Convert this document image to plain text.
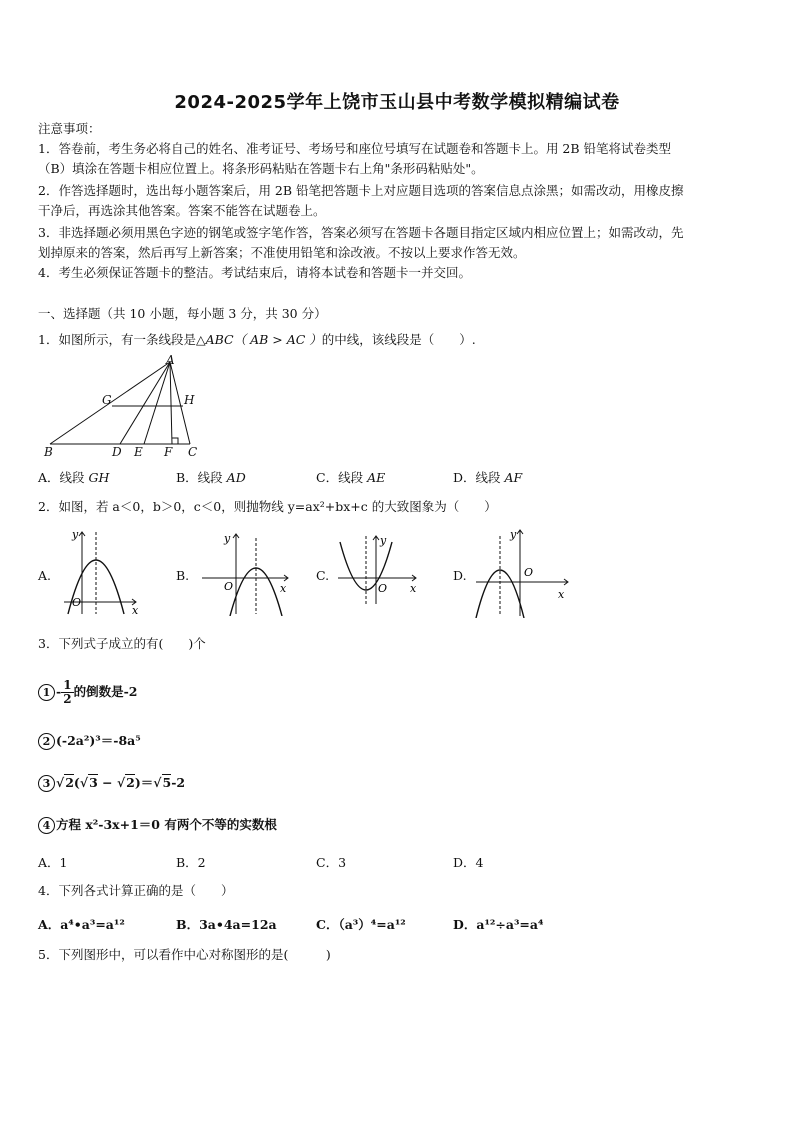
2024-2025学年上饶市玉山县中考数学模拟精编试卷
注意事项：
1．答卷前，考生务必将自己的姓名、准考证号、考场号和座位号填写在试题卷和答题卡上。用 2B 铅笔将试卷类型
（B）填涂在答题卡相应位置上。将条形码粘贴在答题卡右上角"条形码粘贴处"。
2．作答选择题时，选出每小题答案后，用 2B 铅笔把答题卡上对应题目选项的答案信息点涂黑；如需改动，用橡皮擦
干净后，再选涂其他答案。答案不能答在试题卷上。
3．非选择题必须用黑色字迹的钢笔或签字笔作答，答案必须写在答题卡各题目指定区域内相应位置上；如需改动，先
划掉原来的答案，然后再写上新答案；不准使用铅笔和涂改液。不按以上要求作答无效。
4．考生必须保证答题卡的整洁。考试结束后，请将本试卷和答题卡一并交回。
一、选择题（共 10 小题，每小题 3 分，共 30 分）
1．如图所示，有一条线段是△ABC（ AB > AC ）的中线，该线段是（　　）.
A
G	H
B	D E F C
A．线段 GH	B．线段 AD	C．线段 AE	D．线段 AF
2．如图，若 a＜0，b＞0，c＜0，则抛物线 y=ax²+bx+c 的大致图象为（　　）
A.
y
x
O
B.
y
x
O
C.
y
x
O
D.
y
x
O
3．下列式子成立的有(　　)个
$1 - \frac{1}{2}$ 的倒数是-2
2 (-2a²)³＝-8a⁵
3 √2(√3 − √2)＝√5-2
4 方程 x²-3x+1＝0 有两个不等的实数根
A．1	B．2	C．3	D．4
4．下列各式计算正确的是（　　）
A．a⁴•a³=a¹²	B．3a•4a=12a	C．（a³）⁴=a¹²	D．a¹²÷a³=a⁴
5．下列图形中，可以看作中心对称图形的是(　　　)
